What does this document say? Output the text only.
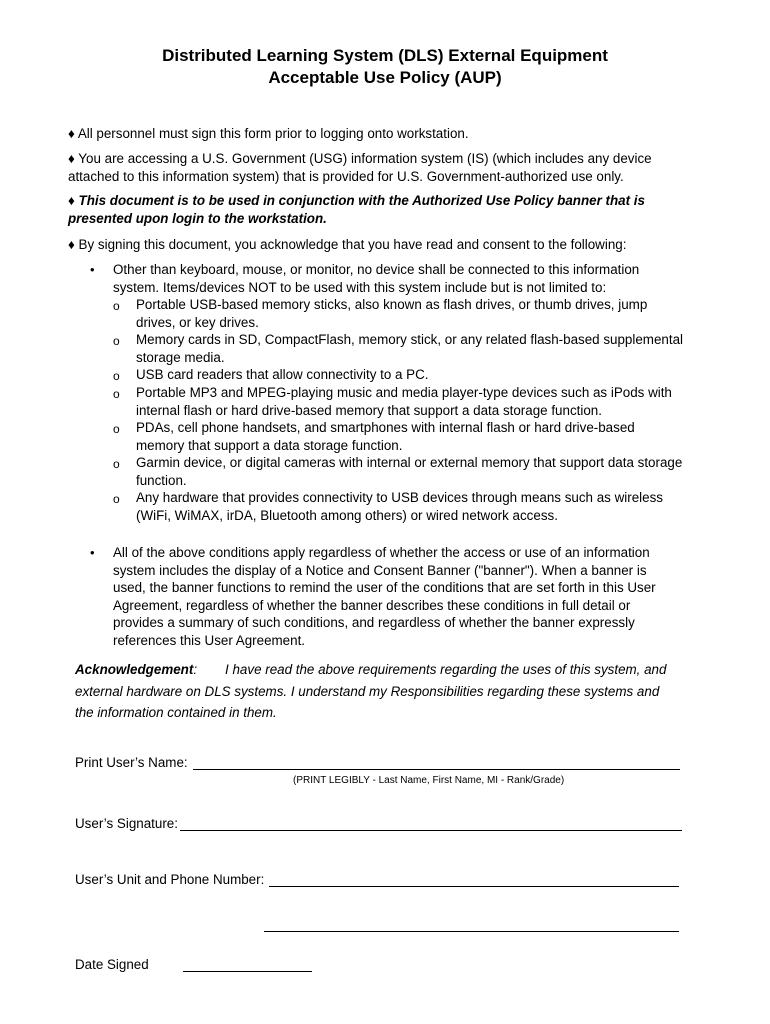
Distributed Learning System (DLS) External Equipment
Acceptable Use Policy (AUP)
♦ All personnel must sign this form prior to logging onto workstation.
♦ You are accessing a U.S. Government (USG) information system (IS) (which includes any device
attached to this information system) that is provided for U.S. Government-authorized use only.
♦ This document is to be used in conjunction with the Authorized Use Policy banner that is
presented upon login to the workstation.
♦ By signing this document, you acknowledge that you have read and consent to the following:
• Other than keyboard, mouse, or monitor, no device shall be connected to this information
system. Items/devices NOT to be used with this system include but is not limited to:
o Portable USB-based memory sticks, also known as flash drives, or thumb drives, jump
drives, or key drives.
o Memory cards in SD, CompactFlash, memory stick, or any related flash-based supplemental
storage media.
o USB card readers that allow connectivity to a PC.
o Portable MP3 and MPEG-playing music and media player-type devices such as iPods with
internal flash or hard drive-based memory that support a data storage function.
o PDAs, cell phone handsets, and smartphones with internal flash or hard drive-based
memory that support a data storage function.
o Garmin device, or digital cameras with internal or external memory that support data storage
function.
o Any hardware that provides connectivity to USB devices through means such as wireless
(WiFi, WiMAX, irDA, Bluetooth among others) or wired network access.
• All of the above conditions apply regardless of whether the access or use of an information
system includes the display of a Notice and Consent Banner ("banner"). When a banner is
used, the banner functions to remind the user of the conditions that are set forth in this User
Agreement, regardless of whether the banner describes these conditions in full detail or
provides a summary of such conditions, and regardless of whether the banner expressly
references this User Agreement.
Acknowledgement: I have read the above requirements regarding the uses of this system, and
external hardware on DLS systems. I understand my Responsibilities regarding these systems and
the information contained in them.
Print User’s Name:
(PRINT LEGIBLY - Last Name, First Name, MI - Rank/Grade)
User’s Signature:
User’s Unit and Phone Number:
Date Signed
